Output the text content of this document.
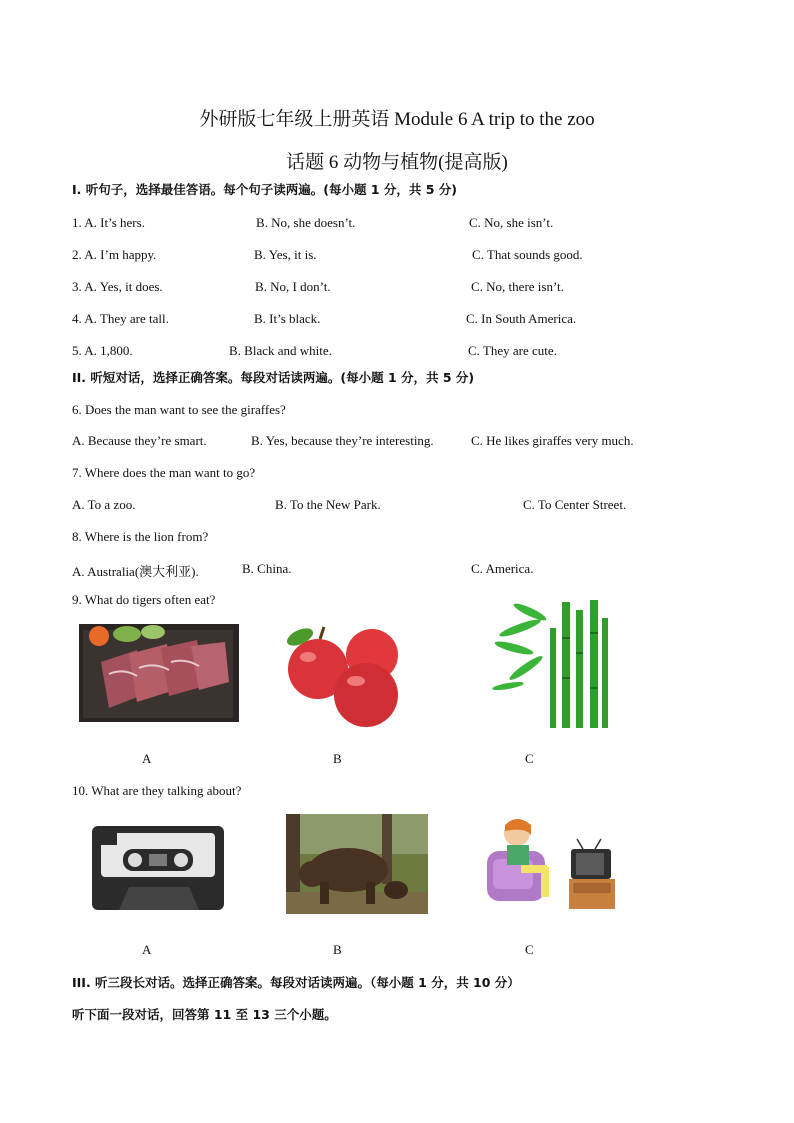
外研版七年级上册英语 Module 6 A trip to the zoo
话题 6 动物与植物(提高版)
I. 听句子，选择最佳答语。每个句子读两遍。(每小题 1 分，共 5 分)
1. A. It’s hers.	B. No, she doesn’t.	C. No, she isn’t.
2. A. I’m happy.	B. Yes, it is.	C. That sounds good.
3. A. Yes, it does.	B. No, I don’t.	C. No, there isn’t.
4. A. They are tall.	B. It’s black.	C. In South America.
5. A. 1,800.	B. Black and white.	C. They are cute.
II. 听短对话，选择正确答案。每段对话读两遍。(每小题 1 分，共 5 分)
6. Does the man want to see the giraffes?
A. Because they’re smart.	B. Yes, because they’re interesting.	C. He likes giraffes very much.
7. Where does the man want to go?
A. To a zoo.	B. To the New Park.	C. To Center Street.
8. Where is the lion from?
A. Australia(澳大利亚).	B. China.	C. America.
9. What do tigers often eat?
A	B	C
10. What are they talking about?
A	B	C
III. 听三段长对话。选择正确答案。每段对话读两遍。（每小题 1 分，共 10 分）
听下面一段对话，回答第 11 至 13 三个小题。
